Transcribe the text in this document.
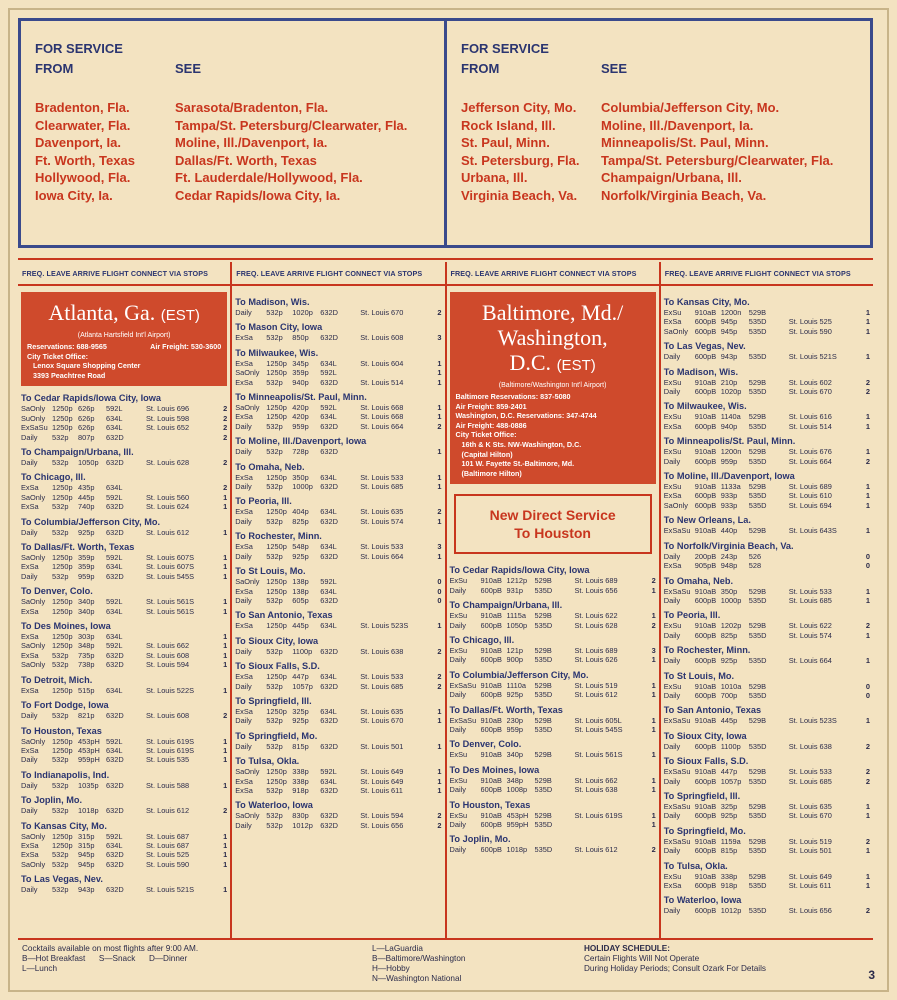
FOR SERVICE
FROM	SEE
Bradenton, Fla.	Sarasota/Bradenton, Fla.
Clearwater, Fla.	Tampa/St. Petersburg/Clearwater, Fla.
Davenport, Ia.	Moline, Ill./Davenport, Ia.
Ft. Worth, Texas	Dallas/Ft. Worth, Texas
Hollywood, Fla.	Ft. Lauderdale/Hollywood, Fla.
Iowa City, Ia.	Cedar Rapids/Iowa City, Ia.
FOR SERVICE
FROM	SEE
Jefferson City, Mo.	Columbia/Jefferson City, Mo.
Rock Island, Ill.	Moline, Ill./Davenport, Ia.
St. Paul, Minn.	Minneapolis/St. Paul, Minn.
St. Petersburg, Fla.	Tampa/St. Petersburg/Clearwater, Fla.
Urbana, Ill.	Champaign/Urbana, Ill.
Virginia Beach, Va.	Norfolk/Virginia Beach, Va.
FREQ. LEAVE ARRIVE FLIGHT CONNECT VIA STOPS
Atlanta, Ga. (EST)
(Atlanta Hartsfield Int'l Airport)
Reservations: 688-9565	Air Freight: 530-3600
City Ticket Office:
Lenox Square Shopping Center
3393 Peachtree Road
To Cedar Rapids/Iowa City, Iowa
SaOnly 1250p 626p	592L	St. Louis 696	2
SuOnly 1250p 626p	634L	St. Louis 598	2
ExSaSu 1250p 626p	634L	St. Louis 652	2
Daily	532p	807p	632D	2
To Champaign/Urbana, Ill.
Daily	532p	1050p	632D	St. Louis 628	2
To Chicago, Ill.
ExSa	1250p 435p	634L	2
SaOnly 1250p 445p	592L	St. Louis 560	1
ExSa	532p	740p	632D	St. Louis 624	1
To Columbia/Jefferson City, Mo.
Daily	532p	925p	632D	St. Louis 612	1
To Dallas/Ft. Worth, Texas
SaOnly 1250p 359p	592L	St. Louis 607S	1
ExSa	1250p 359p	634L	St. Louis 607S	1
Daily	532p	959p	632D	St. Louis 545S	1
To Denver, Colo.
SaOnly 1250p 340p	592L	St. Louis 561S	1
ExSa	1250p 340p	634L	St. Louis 561S	1
To Des Moines, Iowa
ExSa	1250p 303p	634L	1
SaOnly 1250p 348p	592L	St. Louis 662	1
ExSa	532p	735p	632D	St. Louis 608	1
SaOnly 532p	738p	632D	St. Louis 594	1
To Detroit, Mich.
ExSa	1250p 515p	634L	St. Louis 522S	1
To Fort Dodge, Iowa
Daily	532p	821p	632D	St. Louis 608	2
To Houston, Texas
SaOnly 1250p 453pH 592L	St. Louis 619S	1
ExSa	1250p 453pH 634L	St. Louis 619S	1
Daily	532p	959pH 632D	St. Louis 535	1
To Indianapolis, Ind.
Daily	532p	1035p	632D	St. Louis 588	1
To Joplin, Mo.
Daily	532p	1018p	632D	St. Louis 612	2
To Kansas City, Mo.
SaOnly 1250p 315p	592L	St. Louis 687	1
ExSa	1250p 315p	634L	St. Louis 687	1
ExSa	532p	945p	632D	St. Louis 525	1
SaOnly 532p	945p	632D	St. Louis 590	1
To Las Vegas, Nev.
Daily	532p	943p	632D	St. Louis 521S	1
FREQ. LEAVE ARRIVE FLIGHT CONNECT VIA STOPS
To Madison, Wis.
Daily	532p	1020p	632D	St. Louis 670	2
To Mason City, Iowa
ExSa	532p	850p	632D	St. Louis 608	3
To Milwaukee, Wis.
ExSa	1250p 345p	634L	St. Louis 604	1
SaOnly 1250p 359p	592L	1
ExSa	532p	940p	632D	St. Louis 514	1
To Minneapolis/St. Paul, Minn.
SaOnly 1250p 420p	592L	St. Louis 668	1
ExSa	1250p 420p	634L	St. Louis 668	1
Daily	532p	959p	632D	St. Louis 664	2
To Moline, Ill./Davenport, Iowa
Daily	532p	728p	632D	1
To Omaha, Neb.
ExSa	1250p 350p	634L	St. Louis 533	1
Daily	532p	1000p	632D	St. Louis 685	1
To Peoria, Ill.
ExSa	1250p 404p	634L	St. Louis 635	2
Daily	532p	825p	632D	St. Louis 574	1
To Rochester, Minn.
ExSa	1250p 548p	634L	St. Louis 533	3
Daily	532p	925p	632D	St. Louis 664	1
To St Louis, Mo.
SaOnly 1250p 138p	592L	0
ExSa	1250p 138p	634L	0
Daily	532p	605p	632D	0
To San Antonio, Texas
ExSa	1250p 445p	634L	St. Louis 523S	1
To Sioux City, Iowa
Daily	532p	1100p	632D	St. Louis 638	2
To Sioux Falls, S.D.
ExSa	1250p 447p	634L	St. Louis 533	2
Daily	532p	1057p	632D	St. Louis 685	2
To Springfield, Ill.
ExSa	1250p 325p	634L	St. Louis 635	1
Daily	532p	925p	632D	St. Louis 670	1
To Springfield, Mo.
Daily	532p	815p	632D	St. Louis 501	1
To Tulsa, Okla.
SaOnly 1250p 338p	592L	St. Louis 649	1
ExSa	1250p 338p	634L	St. Louis 649	1
ExSa	532p	918p	632D	St. Louis 611	1
To Waterloo, Iowa
SaOnly 532p	830p	632D	St. Louis 594	2
Daily	532p	1012p	632D	St. Louis 656	2
FREQ. LEAVE ARRIVE FLIGHT CONNECT VIA STOPS
Baltimore, Md./
Washington,
D.C. (EST)
(Baltimore/Washington Int'l Airport)
Baltimore Reservations: 837-5080
Air Freight: 859-2401
Washington, D.C. Reservations: 347-4744
Air Freight: 488-0886
City Ticket Office:
16th & K Sts. NW-Washington, D.C.
(Capital Hilton)
101 W. Fayette St.-Baltimore, Md.
(Baltimore Hilton)
New Direct Service
To Houston
To Cedar Rapids/Iowa City, Iowa
ExSu	910aB 1212p	529B	St. Louis 689	2
Daily	600pB 931p	535D	St. Louis 656	1
To Champaign/Urbana, Ill.
ExSu	910aB 1115a	529B	St. Louis 622	1
Daily	600pB 1050p	535D	St. Louis 628	2
To Chicago, Ill.
ExSu	910aB 121p	529B	St. Louis 689	3
Daily	600pB 900p	535D	St. Louis 626	1
To Columbia/Jefferson City, Mo.
ExSaSu 910aB 1110a	529B	St. Louis 519	1
Daily	600pB 925p	535D	St. Louis 612	1
To Dallas/Ft. Worth, Texas
ExSaSu 910aB 230p	529B	St. Louis 605L	1
Daily	600pB 959p	535D	St. Louis 545S	1
To Denver, Colo.
ExSu	910aB 340p	529B	St. Louis 561S	1
To Des Moines, Iowa
ExSu	910aB 348p	529B	St. Louis 662	1
Daily	600pB 1008p	535D	St. Louis 638	1
To Houston, Texas
ExSu	910aB 453pH 529B	St. Louis 619S	1
Daily	600pB 959pH 535D	1
To Joplin, Mo.
Daily	600pB 1018p	535D	St. Louis 612	2
FREQ. LEAVE ARRIVE FLIGHT CONNECT VIA STOPS
To Kansas City, Mo.
ExSu	910aB 1200n	529B	1
ExSa	600pB 945p	535D	St. Louis 525	1
SaOnly 600pB 945p	535D	St. Louis 590	1
To Las Vegas, Nev.
Daily	600pB 943p	535D	St. Louis 521S	1
To Madison, Wis.
ExSu	910aB 210p	529B	St. Louis 602	2
Daily	600pB 1020p	535D	St. Louis 670	2
To Milwaukee, Wis.
ExSu	910aB 1140a	529B	St. Louis 616	1
ExSa	600pB 940p	535D	St. Louis 514	1
To Minneapolis/St. Paul, Minn.
ExSu	910aB 1200n	529B	St. Louis 676	1
Daily	600pB 959p	535D	St. Louis 664	2
To Moline, Ill./Davenport, Iowa
ExSu	910aB 1133a	529B	St. Louis 689	1
ExSa	600pB 933p	535D	St. Louis 610	1
SaOnly 600pB 933p	535D	St. Louis 694	1
To New Orleans, La.
ExSaSu 910aB 440p	529B	St. Louis 643S	1
To Norfolk/Virginia Beach, Va.
Daily	200pB 243p	526	0
ExSa	905pB 948p	528	0
To Omaha, Neb.
ExSaSu 910aB 350p	529B	St. Louis 533	1
Daily	600pB 1000p	535D	St. Louis 685	1
To Peoria, Ill.
ExSu	910aB 1202p	529B	St. Louis 622	2
Daily	600pB 825p	535D	St. Louis 574	1
To Rochester, Minn.
Daily	600pB 925p	535D	St. Louis 664	1
To St Louis, Mo.
ExSu	910aB 1010a	529B	0
Daily	600pB 700p	535D	0
To San Antonio, Texas
ExSaSu 910aB 445p	529B	St. Louis 523S	1
To Sioux City, Iowa
Daily	600pB 1100p	535D	St. Louis 638	2
To Sioux Falls, S.D.
ExSaSu 910aB 447p	529B	St. Louis 533	2
Daily	600pB 1057p	535D	St. Louis 685	2
To Springfield, Ill.
ExSaSu 910aB 325p	529B	St. Louis 635	1
Daily	600pB 925p	535D	St. Louis 670	1
To Springfield, Mo.
ExSaSu 910aB 1159a	529B	St. Louis 519	2
Daily	600pB 815p	535D	St. Louis 501	1
To Tulsa, Okla.
ExSu	910aB 338p	529B	St. Louis 649	1
ExSa	600pB 918p	535D	St. Louis 611	1
To Waterloo, Iowa
Daily	600pB 1012p	535D	St. Louis 656	2
Cocktails available on most flights after 9:00 AM.
B—Hot Breakfast      S—Snack      D—Dinner
L—Lunch
L—LaGuardia
B—Baltimore/Washington
H—Hobby
N—Washington National
HOLIDAY SCHEDULE:
Certain Flights Will Not Operate
During Holiday Periods; Consult Ozark For Details	3
